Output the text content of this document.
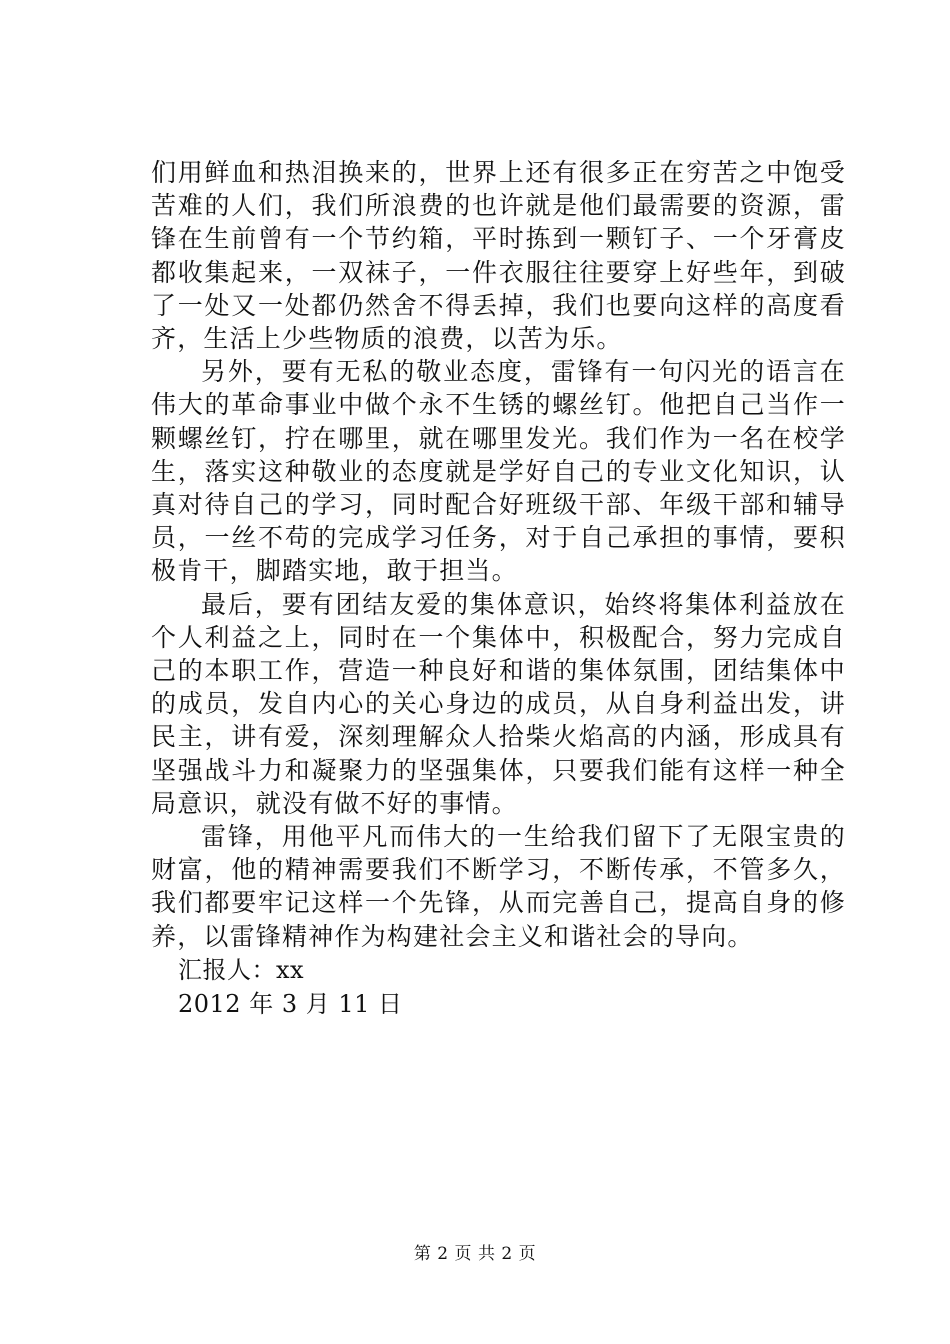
们用鲜血和热泪换来的，世界上还有很多正在穷苦之中饱受苦难的人们，我们所浪费的也许就是他们最需要的资源，雷锋在生前曾有一个节约箱，平时拣到一颗钉子、一个牙膏皮都收集起来，一双袜子，一件衣服往往要穿上好些年，到破了一处又一处都仍然舍不得丢掉，我们也要向这样的高度看齐，生活上少些物质的浪费，以苦为乐。

另外，要有无私的敬业态度，雷锋有一句闪光的语言在伟大的革命事业中做个永不生锈的螺丝钉。他把自己当作一颗螺丝钉，拧在哪里，就在哪里发光。我们作为一名在校学生，落实这种敬业的态度就是学好自己的专业文化知识，认真对待自己的学习，同时配合好班级干部、年级干部和辅导员，一丝不苟的完成学习任务，对于自己承担的事情，要积极肯干，脚踏实地，敢于担当。

最后，要有团结友爱的集体意识，始终将集体利益放在个人利益之上，同时在一个集体中，积极配合，努力完成自己的本职工作，营造一种良好和谐的集体氛围，团结集体中的成员，发自内心的关心身边的成员，从自身利益出发，讲民主，讲有爱，深刻理解众人拾柴火焰高的内涵，形成具有坚强战斗力和凝聚力的坚强集体，只要我们能有这样一种全局意识，就没有做不好的事情。

雷锋，用他平凡而伟大的一生给我们留下了无限宝贵的财富，他的精神需要我们不断学习，不断传承，不管多久，我们都要牢记这样一个先锋，从而完善自己，提高自身的修养，以雷锋精神作为构建社会主义和谐社会的导向。

汇报人：xx

2012 年 3 月 11 日

第 2 页 共 2 页
